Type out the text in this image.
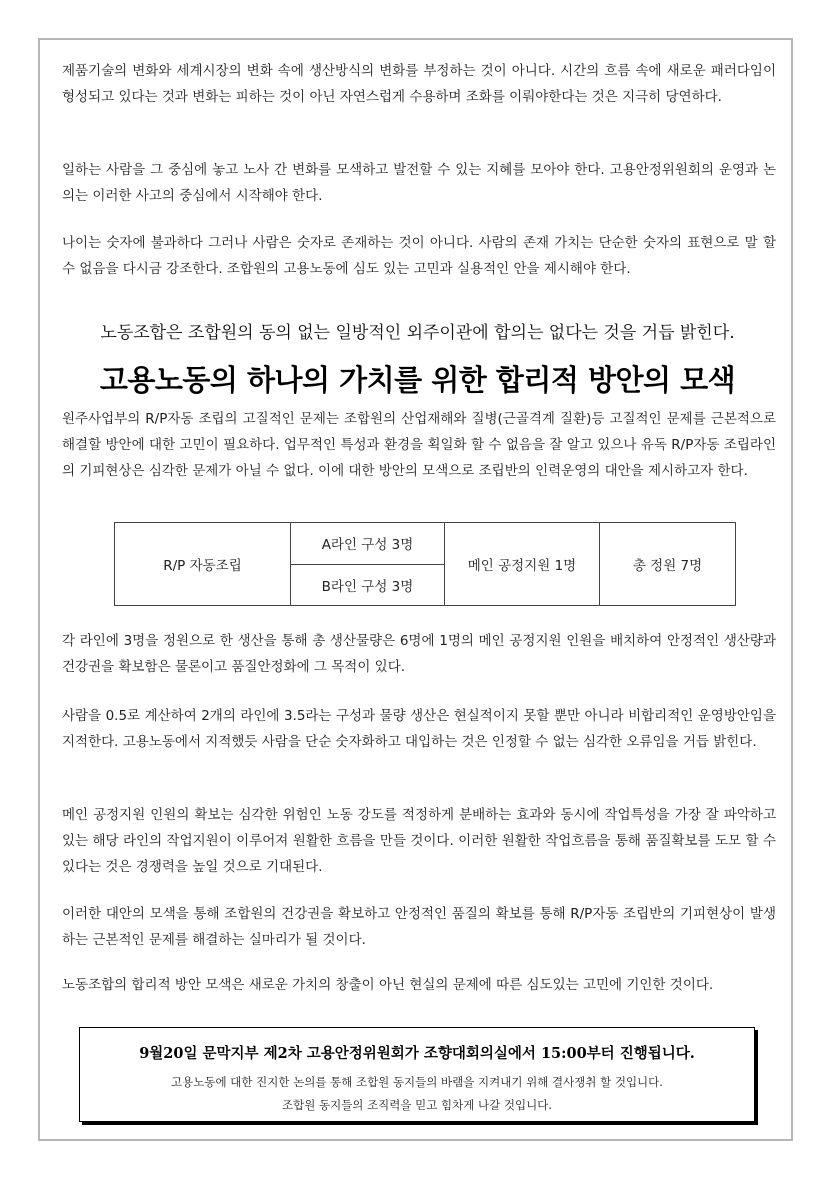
제품기술의 변화와 세계시장의 변화 속에 생산방식의 변화를 부정하는 것이 아니다. 시간의 흐름 속에 새로운 패러다임이 형성되고 있다는 것과 변화는 피하는 것이 아닌 자연스럽게 수용하며 조화를 이뤄야한다는 것은 지극히 당연하다.

일하는 사람을 그 중심에 놓고 노사 간 변화를 모색하고 발전할 수 있는 지혜를 모아야 한다. 고용안정위원회의 운영과 논의는 이러한 사고의 중심에서 시작해야 한다.

나이는 숫자에 불과하다 그러나 사람은 숫자로 존재하는 것이 아니다. 사람의 존재 가치는 단순한 숫자의 표현으로 말 할 수 없음을 다시금 강조한다. 조합원의 고용노동에 심도 있는 고민과 실용적인 안을 제시해야 한다.

노동조합은 조합원의 동의 없는 일방적인 외주이관에 합의는 없다는 것을 거듭 밝힌다.

고용노동의 하나의 가치를 위한 합리적 방안의 모색

원주사업부의 R/P자동 조립의 고질적인 문제는 조합원의 산업재해와 질병(근골격계 질환)등 고질적인 문제를 근본적으로 해결할 방안에 대한 고민이 필요하다. 업무적인 특성과 환경을 획일화 할 수 없음을 잘 알고 있으나 유독 R/P자동 조립라인의 기피현상은 심각한 문제가 아닐 수 없다. 이에 대한 방안의 모색으로 조립반의 인력운영의 대안을 제시하고자 한다.

R/P 자동조립	A라인 구성 3명	메인 공정지원 1명	총 정원 7명
B라인 구성 3명

각 라인에 3명을 정원으로 한 생산을 통해 총 생산물량은 6명에 1명의 메인 공정지원 인원을 배치하여 안정적인 생산량과 건강권을 확보함은 물론이고 품질안정화에 그 목적이 있다.

사람을 0.5로 계산하여 2개의 라인에 3.5라는 구성과 물량 생산은 현실적이지 못할 뿐만 아니라 비합리적인 운영방안임을 지적한다. 고용노동에서 지적했듯 사람을 단순 숫자화하고 대입하는 것은 인정할 수 없는 심각한 오류임을 거듭 밝힌다.

메인 공정지원 인원의 확보는 심각한 위험인 노동 강도를 적정하게 분배하는 효과와 동시에 작업특성을 가장 잘 파악하고 있는 해당 라인의 작업지원이 이루어져 원활한 흐름을 만들 것이다. 이러한 원활한 작업흐름을 통해 품질확보를 도모 할 수 있다는 것은 경쟁력을 높일 것으로 기대된다.

이러한 대안의 모색을 통해 조합원의 건강권을 확보하고 안정적인 품질의 확보를 통해 R/P자동 조립반의 기피현상이 발생하는 근본적인 문제를 해결하는 실마리가 될 것이다.

노동조합의 합리적 방안 모색은 새로운 가치의 창출이 아닌 현실의 문제에 따른 심도있는 고민에 기인한 것이다.

9월20일 문막지부 제2차 고용안정위원회가 조향대회의실에서 15:00부터 진행됩니다.
고용노동에 대한 진지한 논의를 통해 조합원 동지들의 바램을 지켜내기 위해 결사쟁취 할 것입니다.
조합원 동지들의 조직력을 믿고 힘차게 나갈 것입니다.
